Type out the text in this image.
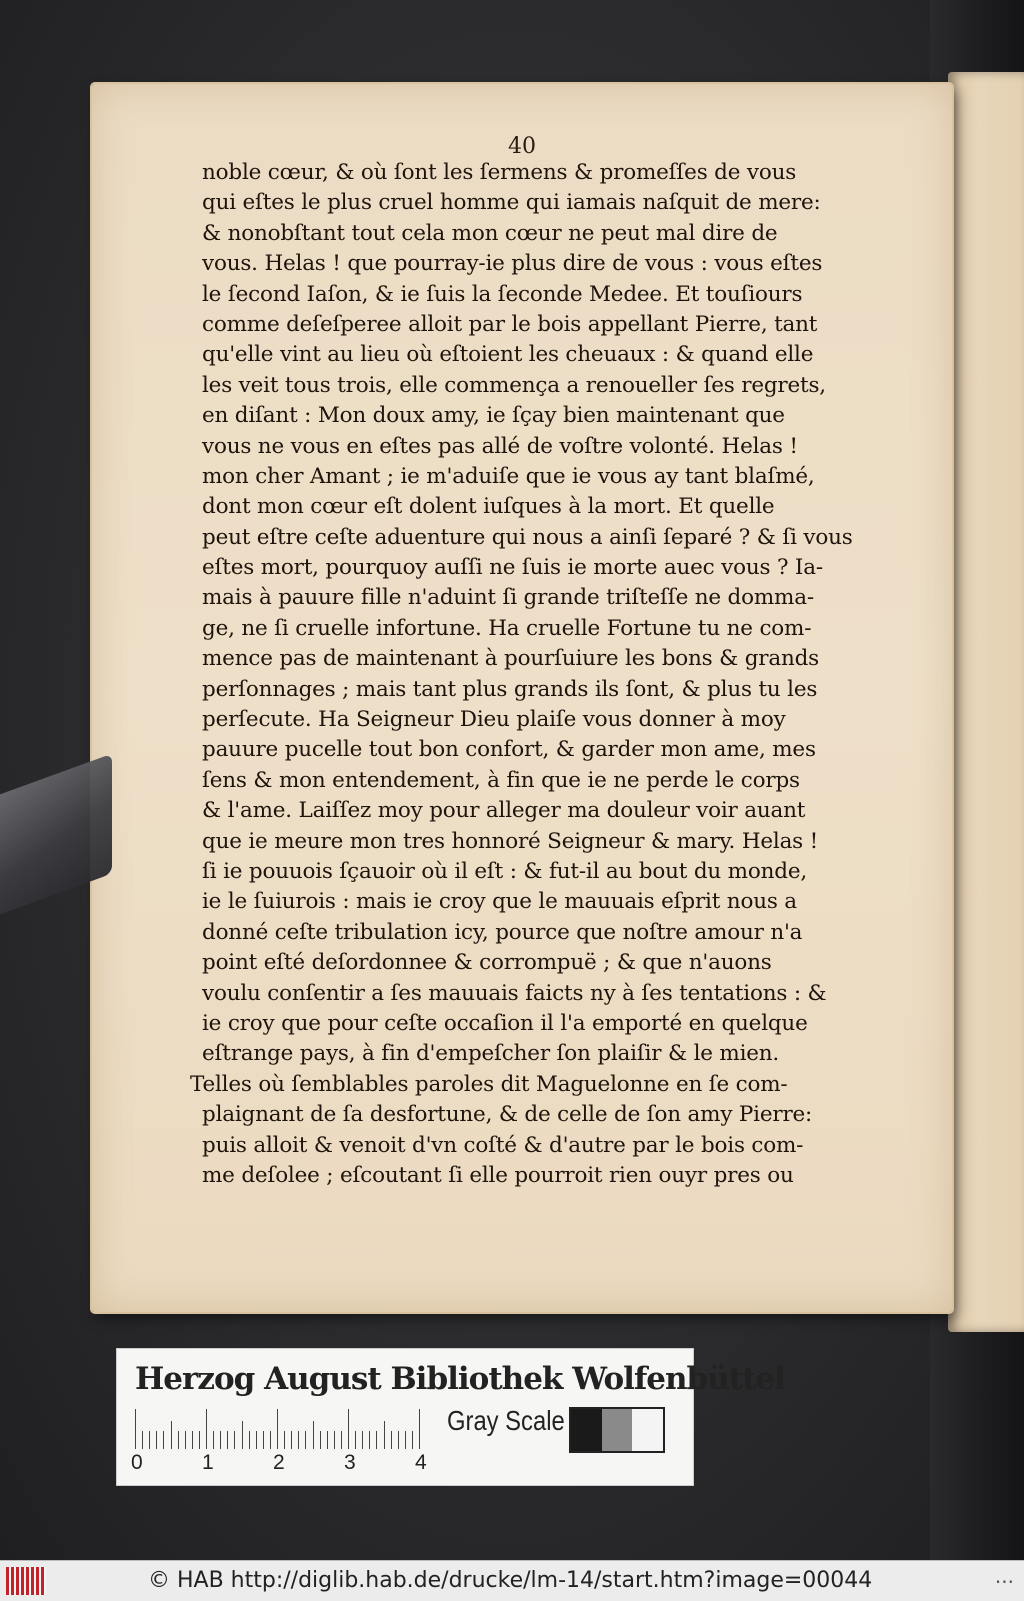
40
noble cœur, & où ſont les ſermens & promeſſes de vous
qui eſtes le plus cruel homme qui iamais naſquit de mere:
& nonobſtant tout cela mon cœur ne peut mal dire de
vous. Helas ! que pourray-ie plus dire de vous : vous eſtes
le ſecond Iaſon, & ie ſuis la ſeconde Medee. Et touſiours
comme deſeſperee alloit par le bois appellant Pierre, tant
qu'elle vint au lieu où eſtoient les cheuaux : & quand elle
les veit tous trois, elle commença a renoueller ſes regrets,
en diſant : Mon doux amy, ie ſçay bien maintenant que
vous ne vous en eſtes pas allé de voſtre volonté. Helas !
mon cher Amant ; ie m'aduiſe que ie vous ay tant blaſmé,
dont mon cœur eſt dolent iuſques à la mort. Et quelle
peut eſtre ceſte aduenture qui nous a ainſi ſeparé ? & ſi vous
eſtes mort, pourquoy auſſi ne ſuis ie morte auec vous ? Ia-
mais à pauure fille n'aduint ſi grande triſteſſe ne domma-
ge, ne ſi cruelle infortune. Ha cruelle Fortune tu ne com-
mence pas de maintenant à pourſuiure les bons & grands
perſonnages ; mais tant plus grands ils ſont, & plus tu les
perſecute. Ha Seigneur Dieu plaiſe vous donner à moy
pauure pucelle tout bon confort, & garder mon ame, mes
ſens & mon entendement, à fin que ie ne perde le corps
& l'ame. Laiſſez moy pour alleger ma douleur voir auant
que ie meure mon tres honnoré Seigneur & mary. Helas !
ſi ie pouuois ſçauoir où il eſt : & fut-il au bout du monde,
ie le ſuiurois : mais ie croy que le mauuais eſprit nous a
donné ceſte tribulation icy, pource que noſtre amour n'a
point eſté deſordonnee & corrompuë ; & que n'auons
voulu conſentir a ſes mauuais faicts ny à ſes tentations : &
ie croy que pour ceſte occaſion il l'a emporté en quelque
eſtrange pays, à fin d'empeſcher ſon plaiſir & le mien.
Telles où ſemblables paroles dit Maguelonne en ſe com-
plaignant de ſa desfortune, & de celle de ſon amy Pierre:
puis alloit & venoit d'vn coſté & d'autre par le bois com-
me deſolee ; eſcoutant ſi elle pourroit rien ouyr pres ou
Herzog August Bibliothek Wolfenbüttel
0	1	2	3	4
Gray Scale
© HAB http://diglib.hab.de/drucke/lm-14/start.htm?image=00044	...
